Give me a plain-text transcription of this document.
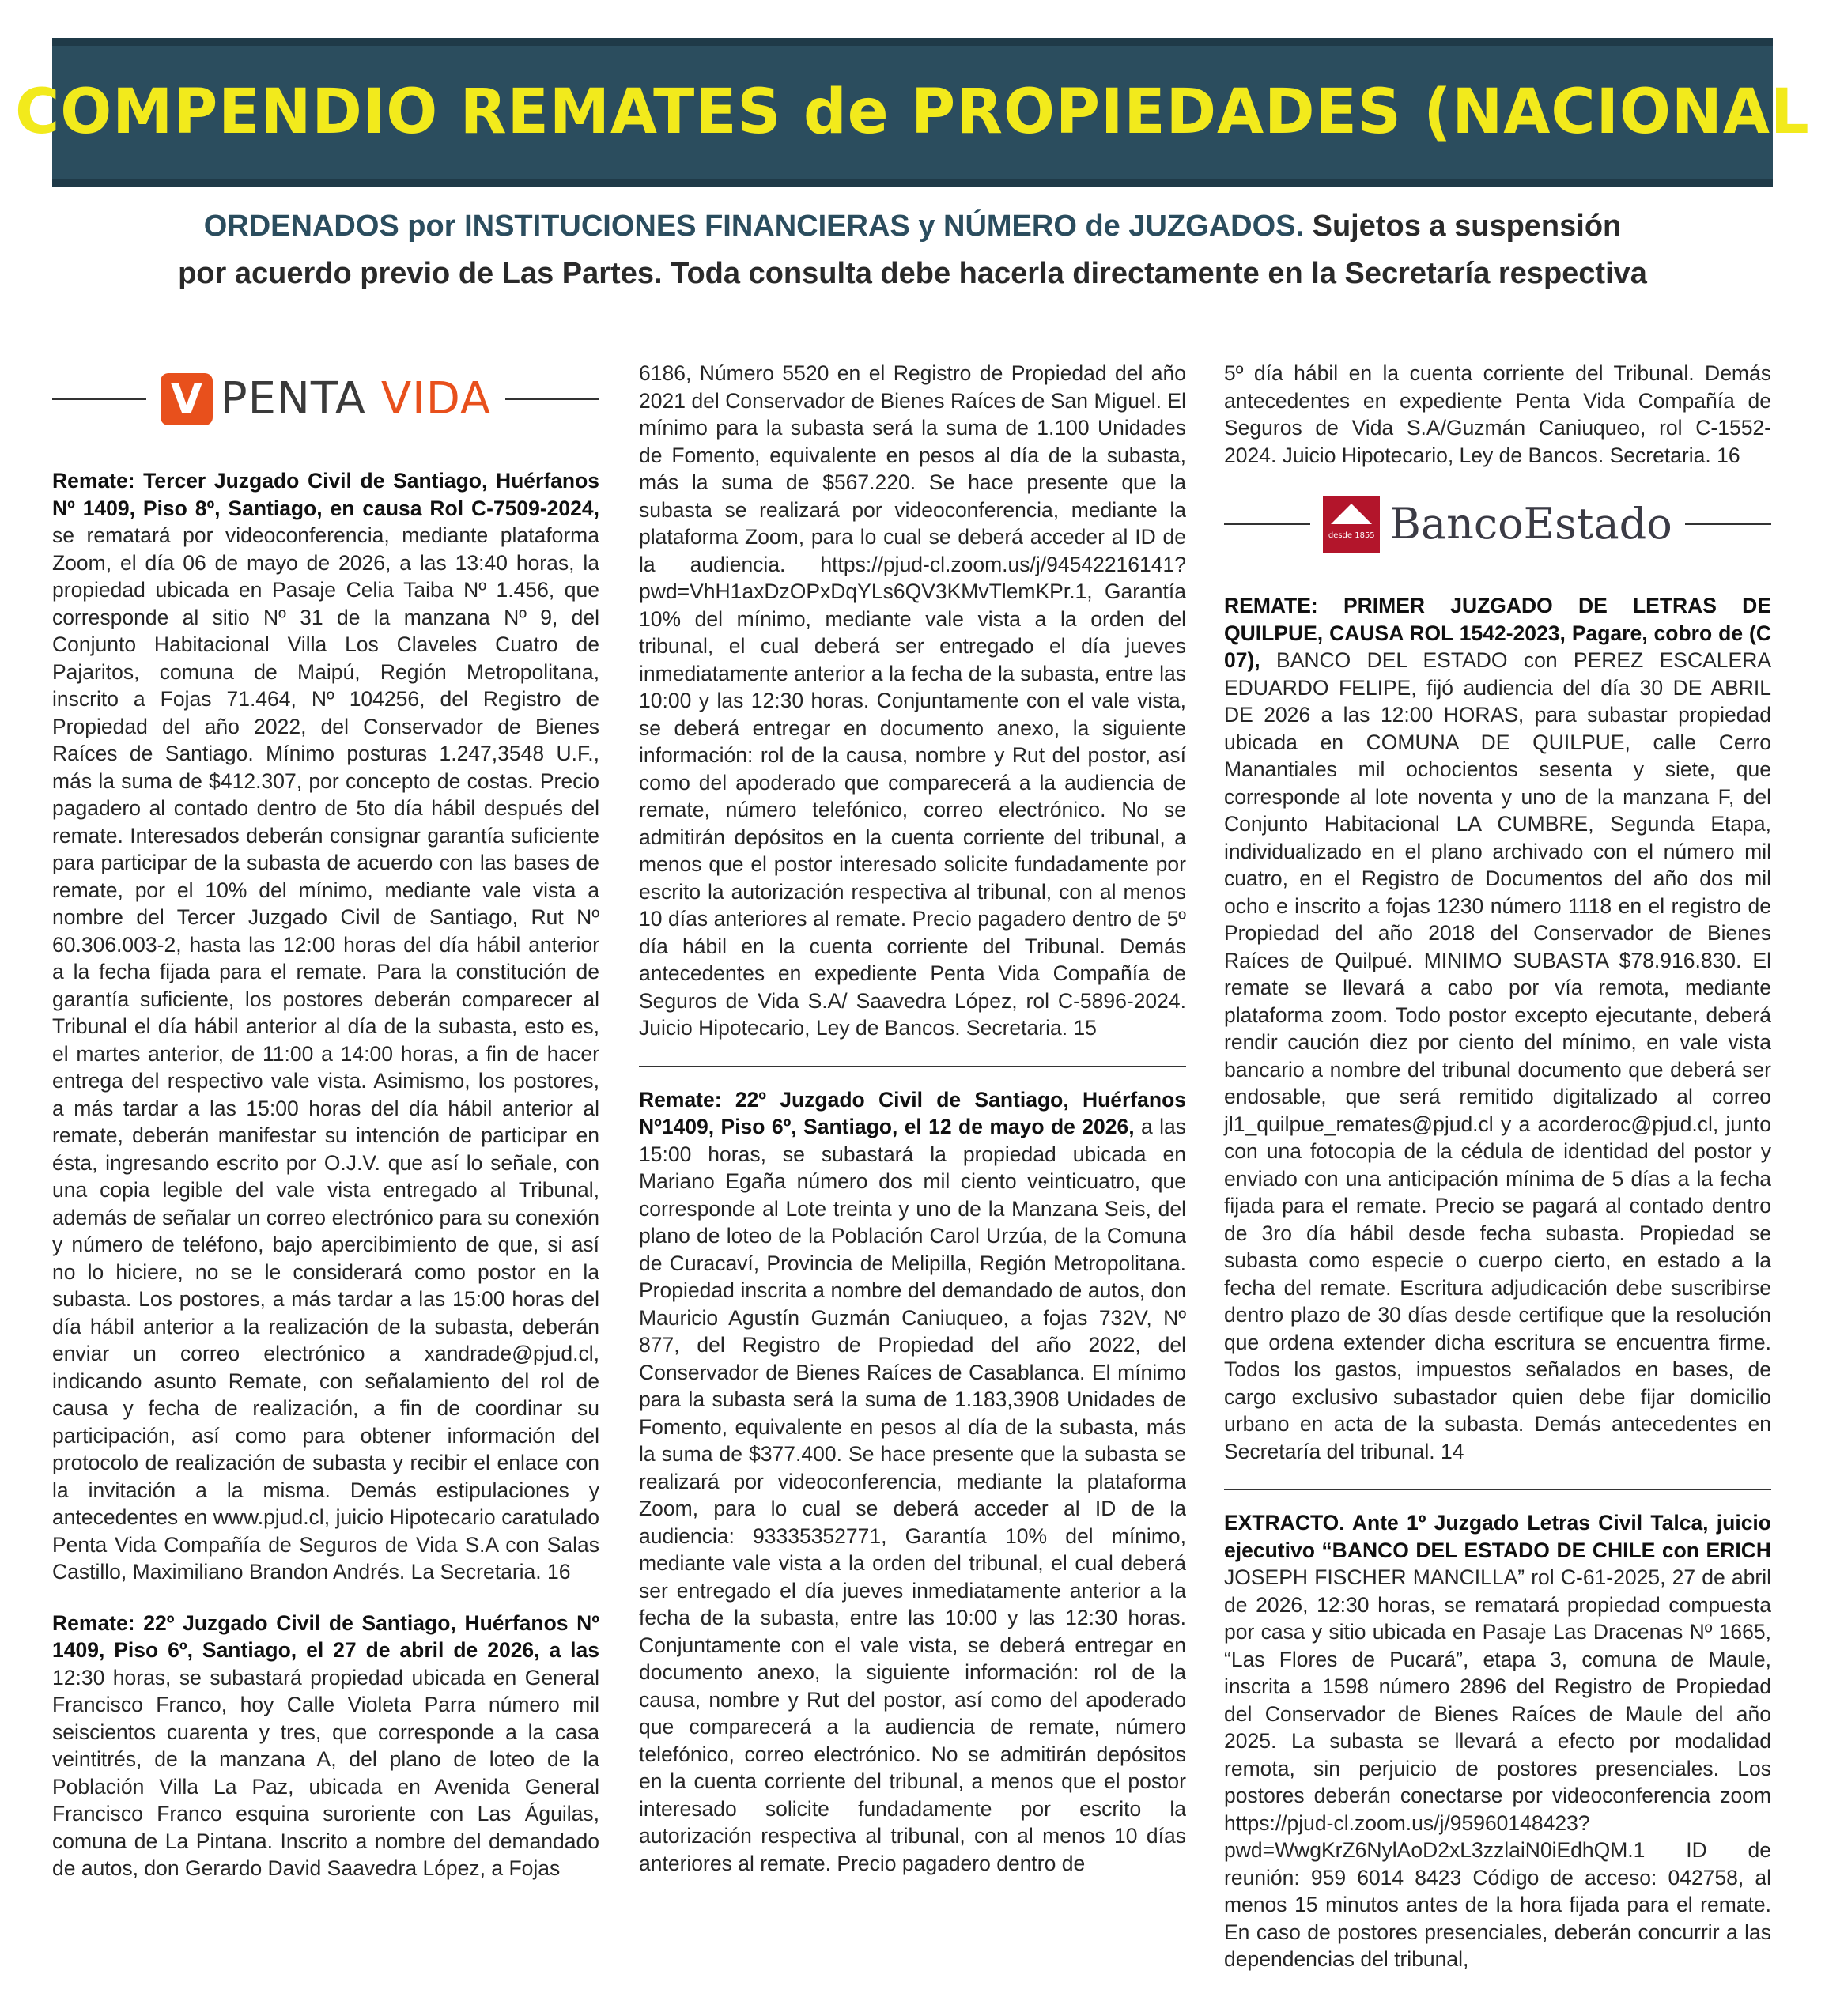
COMPENDIO REMATES de PROPIEDADES (NACIONAL
ORDENADOS por INSTITUCIONES FINANCIERAS y NÚMERO de JUZGADOS. Sujetos a suspensión
por acuerdo previo de Las Partes. Toda consulta debe hacerla directamente en la Secretaría respectiva
V PENTA VIDA

Remate: Tercer Juzgado Civil de Santiago, Huérfanos Nº 1409, Piso 8º, Santiago, en causa Rol C-7509-2024, se rematará por videoconferencia, mediante plataforma Zoom, el día 06 de mayo de 2026, a las 13:40 horas, la propiedad ubicada en Pasaje Celia Taiba Nº 1.456, que corresponde al sitio Nº 31 de la manzana Nº 9, del Conjunto Habitacional Villa Los Claveles Cuatro de Pajaritos, comuna de Maipú, Región Metropolitana, inscrito a Fojas 71.464, Nº 104256, del Registro de Propiedad del año 2022, del Conservador de Bienes Raíces de Santiago. Mínimo posturas 1.247,3548 U.F., más la suma de $412.307, por concepto de costas. Precio pagadero al contado dentro de 5to día hábil después del remate. Interesados deberán consignar garantía suficiente para participar de la subasta de acuerdo con las bases de remate, por el 10% del mínimo, mediante vale vista a nombre del Tercer Juzgado Civil de Santiago, Rut Nº 60.306.003-2, hasta las 12:00 horas del día hábil anterior a la fecha fijada para el remate. Para la constitución de garantía suficiente, los postores deberán comparecer al Tribunal el día hábil anterior al día de la subasta, esto es, el martes anterior, de 11:00 a 14:00 horas, a fin de hacer entrega del respectivo vale vista. Asimismo, los postores, a más tardar a las 15:00 horas del día hábil anterior al remate, deberán manifestar su intención de participar en ésta, ingresando escrito por O.J.V. que así lo señale, con una copia legible del vale vista entregado al Tribunal, además de señalar un correo electrónico para su conexión y número de teléfono, bajo apercibimiento de que, si así no lo hiciere, no se le considerará como postor en la subasta. Los postores, a más tardar a las 15:00 horas del día hábil anterior a la realización de la subasta, deberán enviar un correo electrónico a xandrade@pjud.cl, indicando asunto Remate, con señalamiento del rol de causa y fecha de realización, a fin de coordinar su participación, así como para obtener información del protocolo de realización de subasta y recibir el enlace con la invitación a la misma. Demás estipulaciones y antecedentes en www.pjud.cl, juicio Hipotecario caratulado Penta Vida Compañía de Seguros de Vida S.A con Salas Castillo, Maximiliano Brandon Andrés. La Secretaria. 16

Remate: 22º Juzgado Civil de Santiago, Huérfanos Nº 1409, Piso 6º, Santiago, el 27 de abril de 2026, a las 12:30 horas, se subastará propiedad ubicada en General Francisco Franco, hoy Calle Violeta Parra número mil seiscientos cuarenta y tres, que corresponde a la casa veintitrés, de la manzana A, del plano de loteo de la Población Villa La Paz, ubicada en Avenida General Francisco Franco esquina suroriente con Las Águilas, comuna de La Pintana. Inscrito a nombre del demandado de autos, don Gerardo David Saavedra López, a Fojas

6186, Número 5520 en el Registro de Propiedad del año 2021 del Conservador de Bienes Raíces de San Miguel. El mínimo para la subasta será la suma de 1.100 Unidades de Fomento, equivalente en pesos al día de la subasta, más la suma de $567.220. Se hace presente que la subasta se realizará por videoconferencia, mediante la plataforma Zoom, para lo cual se deberá acceder al ID de la audiencia. https://pjud-cl.zoom.us/j/94542216141?pwd=VhH1axDzOPxDqYLs6QV3KMvTlemKPr.1, Garantía 10% del mínimo, mediante vale vista a la orden del tribunal, el cual deberá ser entregado el día jueves inmediatamente anterior a la fecha de la subasta, entre las 10:00 y las 12:30 horas. Conjuntamente con el vale vista, se deberá entregar en documento anexo, la siguiente información: rol de la causa, nombre y Rut del postor, así como del apoderado que comparecerá a la audiencia de remate, número telefónico, correo electrónico. No se admitirán depósitos en la cuenta corriente del tribunal, a menos que el postor interesado solicite fundadamente por escrito la autorización respectiva al tribunal, con al menos 10 días anteriores al remate. Precio pagadero dentro de 5º día hábil en la cuenta corriente del Tribunal. Demás antecedentes en expediente Penta Vida Compañía de Seguros de Vida S.A/ Saavedra López, rol C-5896-2024. Juicio Hipotecario, Ley de Bancos. Secretaria. 15

Remate: 22º Juzgado Civil de Santiago, Huérfanos Nº1409, Piso 6º, Santiago, el 12 de mayo de 2026, a las 15:00 horas, se subastará la propiedad ubicada en Mariano Egaña número dos mil ciento veinticuatro, que corresponde al Lote treinta y uno de la Manzana Seis, del plano de loteo de la Población Carol Urzúa, de la Comuna de Curacaví, Provincia de Melipilla, Región Metropolitana. Propiedad inscrita a nombre del demandado de autos, don Mauricio Agustín Guzmán Caniuqueo, a fojas 732V, Nº 877, del Registro de Propiedad del año 2022, del Conservador de Bienes Raíces de Casablanca. El mínimo para la subasta será la suma de 1.183,3908 Unidades de Fomento, equivalente en pesos al día de la subasta, más la suma de $377.400. Se hace presente que la subasta se realizará por videoconferencia, mediante la plataforma Zoom, para lo cual se deberá acceder al ID de la audiencia: 93335352771, Garantía 10% del mínimo, mediante vale vista a la orden del tribunal, el cual deberá ser entregado el día jueves inmediatamente anterior a la fecha de la subasta, entre las 10:00 y las 12:30 horas. Conjuntamente con el vale vista, se deberá entregar en documento anexo, la siguiente información: rol de la causa, nombre y Rut del postor, así como del apoderado que comparecerá a la audiencia de remate, número telefónico, correo electrónico. No se admitirán depósitos en la cuenta corriente del tribunal, a menos que el postor interesado solicite fundadamente por escrito la autorización respectiva al tribunal, con al menos 10 días anteriores al remate. Precio pagadero dentro de

5º día hábil en la cuenta corriente del Tribunal. Demás antecedentes en expediente Penta Vida Compañía de Seguros de Vida S.A/Guzmán Caniuqueo, rol C-1552-2024. Juicio Hipotecario, Ley de Bancos. Secretaria. 16

desde 1855 BancoEstado

REMATE: PRIMER JUZGADO DE LETRAS DE QUILPUE, CAUSA ROL 1542-2023, Pagare, cobro de (C 07), BANCO DEL ESTADO con PEREZ ESCALERA EDUARDO FELIPE, fijó audiencia del día 30 DE ABRIL DE 2026 a las 12:00 HORAS, para subastar propiedad ubicada en COMUNA DE QUILPUE, calle Cerro Manantiales mil ochocientos sesenta y siete, que corresponde al lote noventa y uno de la manzana F, del Conjunto Habitacional LA CUMBRE, Segunda Etapa, individualizado en el plano archivado con el número mil cuatro, en el Registro de Documentos del año dos mil ocho e inscrito a fojas 1230 número 1118 en el registro de Propiedad del año 2018 del Conservador de Bienes Raíces de Quilpué. MINIMO SUBASTA $78.916.830. El remate se llevará a cabo por vía remota, mediante plataforma zoom. Todo postor excepto ejecutante, deberá rendir caución diez por ciento del mínimo, en vale vista bancario a nombre del tribunal documento que deberá ser endosable, que será remitido digitalizado al correo jl1_quilpue_remates@pjud.cl y a acorderoc@pjud.cl, junto con una fotocopia de la cédula de identidad del postor y enviado con una anticipación mínima de 5 días a la fecha fijada para el remate. Precio se pagará al contado dentro de 3ro día hábil desde fecha subasta. Propiedad se subasta como especie o cuerpo cierto, en estado a la fecha del remate. Escritura adjudicación debe suscribirse dentro plazo de 30 días desde certifique que la resolución que ordena extender dicha escritura se encuentra firme. Todos los gastos, impuestos señalados en bases, de cargo exclusivo subastador quien debe fijar domicilio urbano en acta de la subasta. Demás antecedentes en Secretaría del tribunal. 14

EXTRACTO. Ante 1º Juzgado Letras Civil Talca, juicio ejecutivo “BANCO DEL ESTADO DE CHILE con ERICH JOSEPH FISCHER MANCILLA” rol C-61-2025, 27 de abril de 2026, 12:30 horas, se rematará propiedad compuesta por casa y sitio ubicada en Pasaje Las Dracenas Nº 1665, “Las Flores de Pucará”, etapa 3, comuna de Maule, inscrita a 1598 número 2896 del Registro de Propiedad del Conservador de Bienes Raíces de Maule del año 2025. La subasta se llevará a efecto por modalidad remota, sin perjuicio de postores presenciales. Los postores deberán conectarse por videoconferencia zoom https://pjud-cl.zoom.us/j/95960148423?pwd=WwgKrZ6NylAoD2xL3zzlaiN0iEdhQM.1 ID de reunión: 959 6014 8423 Código de acceso: 042758, al menos 15 minutos antes de la hora fijada para el remate. En caso de postores presenciales, deberán concurrir a las dependencias del tribunal,
